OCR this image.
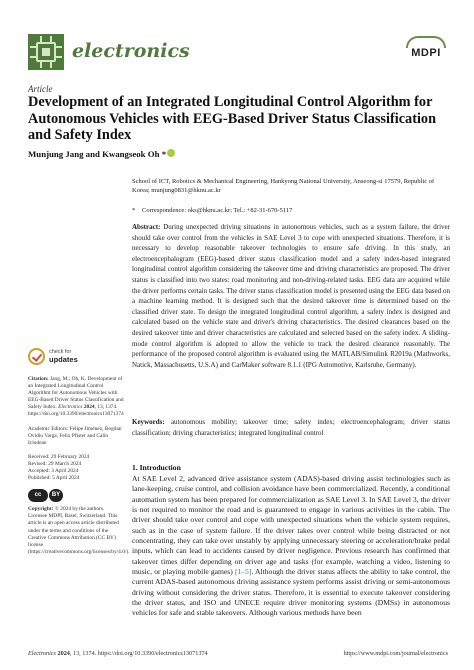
electronics	MDPI
Article
Development of an Integrated Longitudinal Control Algorithm for Autonomous Vehicles with EEG-Based Driver Status Classification and Safety Index
Munjung Jang and Kwangseok Oh *
School of ICT, Robotics & Mechanical Engineering, Hankyong National University, Anseong-si 17579, Republic of Korea; munjung0831@hknu.ac.kr
* Correspondence: oks@hknu.ac.kr; Tel.: +82-31-670-5117
Abstract: During unexpected driving situations in autonomous vehicles, such as a system failure, the driver should take over control from the vehicles in SAE Level 3 to cope with unexpected situations. Therefore, it is necessary to develop reasonable takeover technologies to ensure safe driving. In this study, an electroencephalogram (EEG)-based driver status classification model and a safety index-based integrated longitudinal control algorithm considering the takeover time and driving characteristics are proposed. The driver status is classified into two states: road monitoring and non-driving-related tasks. EEG data are acquired while the driver performs certain tasks. The driver status classification model is presented using the EEG data based on a machine learning method. It is designed such that the desired takeover time is determined based on the classified driver state. To design the integrated longitudinal control algorithm, a safety index is designed and calculated based on the vehicle state and driver's driving characteristics. The desired clearances based on the desired takeover time and driver characteristics are calculated and selected based on the safety index. A sliding-mode control algorithm is adopted to allow the vehicle to track the desired clearance reasonably. The performance of the proposed control algorithm is evaluated using the MATLAB/Simulink R2019a (Mathworks, Natick, Massachusetts, U.S.A) and CarMaker software 8.1.1 (IPG Automotive, Karlsruhe, Germany).
Keywords: autonomous mobility; takeover time; safety index; electroencephalogram; driver status classification; driving characteristics; integrated longitudinal control
1. Introduction
At SAE Level 2, advanced drive assistance system (ADAS)-based driving assist technologies such as lane-keeping, cruise control, and collision avoidance have been commercialized. Recently, a conditional automation system has been prepared for commercialization as SAE Level 3. In SAE Level 3, the driver is not required to monitor the road and is guaranteed to engage in various activities in the cabin. The driver should take over control and cope with unexpected situations when the vehicle system requires, such as in the case of system failure. If the driver takes over control while being distracted or not concentrating, they can take over unstably by applying unnecessary steering or acceleration/brake pedal inputs, which can lead to accidents caused by driver negligence. Previous research has confirmed that takeover times differ depending on driver age and tasks (for example, watching a video, listening to music, or playing mobile games) [1–5]. Although the driver status affects the ability to take control, the current ADAS-based autonomous driving assistance system performs assist driving or semi-autonomous driving without considering the driver status. Therefore, it is essential to execute takeover considering the driver status, and ISO and UNECE require driver monitoring systems (DMSs) in autonomous vehicles for safe and stable takeovers. Although various methods have been
check for
updates
Citation: Jang, M.; Oh, K. Development of an Integrated Longitudinal Control Algorithm for Autonomous Vehicles with EEG-Based Driver Status Classification and Safety Index. Electronics 2024, 13, 1374. https://doi.org/10.3390/electronics13071374
Academic Editors: Felipe Jiménez, Bogdan Ovidiu Varga, Felix Pfister and Calin Iclodean
Received: 29 February 2024
Revised: 29 March 2024
Accepted: 3 April 2024
Published: 5 April 2024
cc	BY
Copyright: © 2024 by the authors. Licensee MDPI, Basel, Switzerland. This article is an open access article distributed under the terms and conditions of the Creative Commons Attribution (CC BY) license (https://creativecommons.org/licenses/by/4.0/).
Electronics 2024, 13, 1374. https://doi.org/10.3390/electronics13071374	https://www.mdpi.com/journal/electronics
